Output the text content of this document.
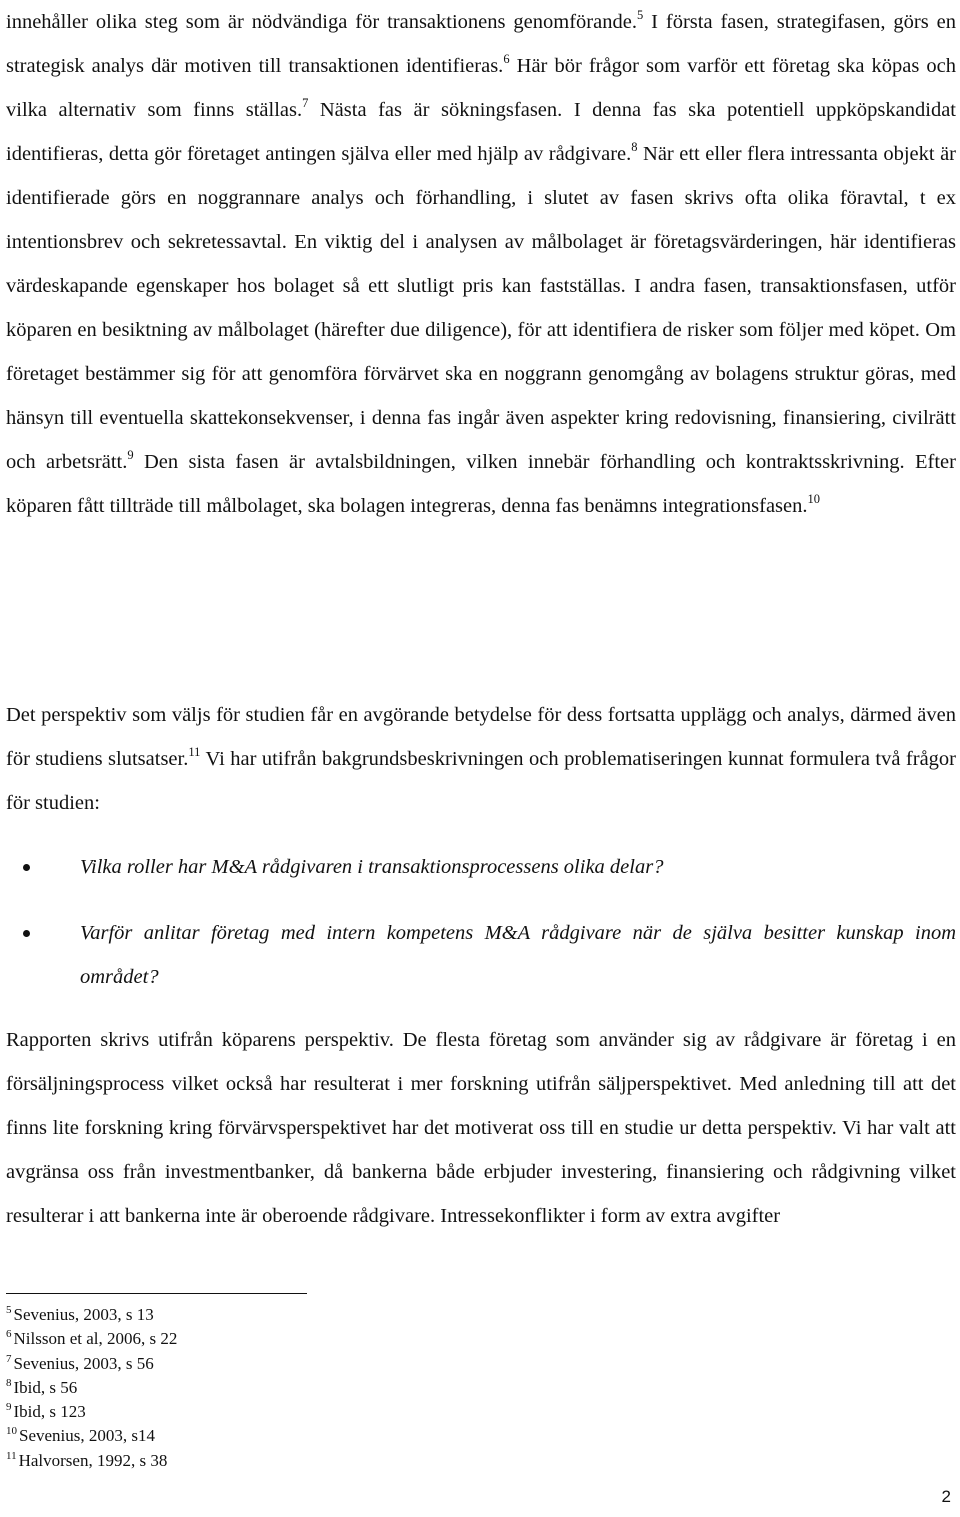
innehåller olika steg som är nödvändiga för transaktionens genomförande.$^5$ I första fasen, strategifasen, görs en strategisk analys där motiven till transaktionen identifieras.$^6$ Här bör frågor som varför ett företag ska köpas och vilka alternativ som finns ställas.$^7$ Nästa fas är sökningsfasen. I denna fas ska potentiell uppköpskandidat identifieras, detta gör företaget antingen själva eller med hjälp av rådgivare.$^8$ När ett eller flera intressanta objekt är identifierade görs en noggrannare analys och förhandling, i slutet av fasen skrivs ofta olika föravtal, t ex intentionsbrev och sekretessavtal. En viktig del i analysen av målbolaget är företagsvärderingen, här identifieras värdeskapande egenskaper hos bolaget så ett slutligt pris kan fastställas. I andra fasen, transaktionsfasen, utför köparen en besiktning av målbolaget (härefter due diligence), för att identifiera de risker som följer med köpet. Om företaget bestämmer sig för att genomföra förvärvet ska en noggrann genomgång av bolagens struktur göras, med hänsyn till eventuella skattekonsekvenser, i denna fas ingår även aspekter kring redovisning, finansiering, civilrätt och arbetsrätt.$^9$ Den sista fasen är avtalsbildningen, vilken innebär förhandling och kontraktsskrivning. Efter köparen fått tillträde till målbolaget, ska bolagen integreras, denna fas benämns integrationsfasen.$^{10}$

Det perspektiv som väljs för studien får en avgörande betydelse för dess fortsatta upplägg och analys, därmed även för studiens slutsatser.$^{11}$ Vi har utifrån bakgrundsbeskrivningen och problematiseringen kunnat formulera två frågor för studien:

Vilka roller har M&A rådgivaren i transaktionsprocessens olika delar?
Varför anlitar företag med intern kompetens M&A rådgivare när de själva besitter kunskap inom området?

Rapporten skrivs utifrån köparens perspektiv. De flesta företag som använder sig av rådgivare är företag i en försäljningsprocess vilket också har resulterat i mer forskning utifrån säljperspektivet. Med anledning till att det finns lite forskning kring förvärvsperspektivet har det motiverat oss till en studie ur detta perspektiv. Vi har valt att avgränsa oss från investmentbanker, då bankerna både erbjuder investering, finansiering och rådgivning vilket resulterar i att bankerna inte är oberoende rådgivare. Intressekonflikter i form av extra avgifter

$^5$ Sevenius, 2003, s 13
$^6$ Nilsson et al, 2006, s 22
$^7$ Sevenius, 2003, s 56
$^8$ Ibid, s 56
$^9$ Ibid, s 123
$^{10}$ Sevenius, 2003, s14
$^{11}$ Halvorsen, 1992, s 38
2
